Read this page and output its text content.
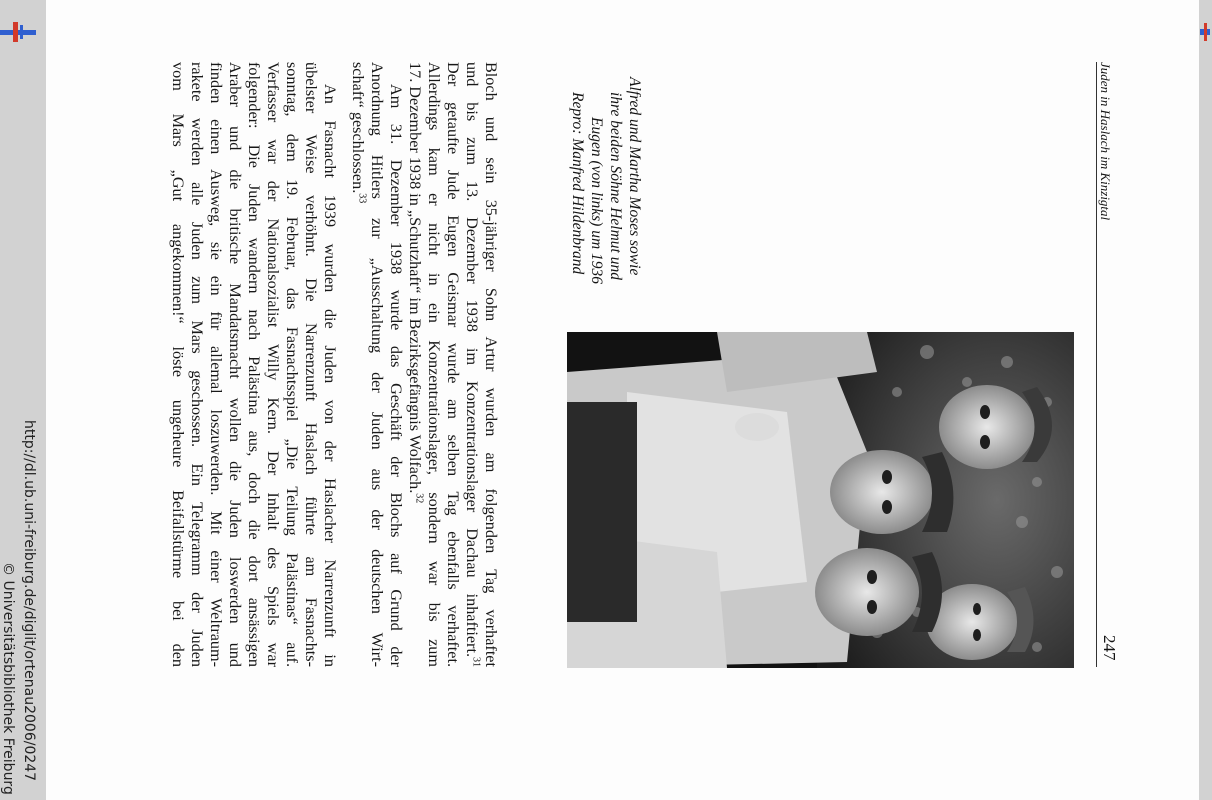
http://dl.ub.uni-freiburg.de/diglit/ortenau2006/0247
© Universitätsbibliothek Freiburg
Juden in Haslach im Kinzigtal
247
Alfred und Martha Moses sowie
ihre beiden Söhne Helmut und
Eugen (von links) um 1936
Repro: Manfred Hildenbrand
Bloch und sein 35-jähriger Sohn Artur wurden am folgenden Tag verhaftet
und bis zum 13. Dezember 1938 im Konzentrationslager Dachau inhaftiert.$^{31}$
Der getaufte Jude Eugen Geismar wurde am selben Tag ebenfalls verhaftet.
Allerdings kam er nicht in ein Konzentrationslager, sondern war bis zum
17. Dezember 1938 in „Schutzhaft“ im Bezirksgefängnis Wolfach.$^{32}$
Am 31. Dezember 1938 wurde das Geschäft der Blochs auf Grund der
Anordnung Hitlers zur „Ausschaltung der Juden aus der deutschen Wirt-
schaft“ geschlossen.$^{33}$
An Fasnacht 1939 wurden die Juden von der Haslacher Narrenzunft in
übelster Weise verhöhnt. Die Narrenzunft Haslach führte am Fasnachts-
sonntag, dem 19. Februar, das Fasnachtsspiel „Die Teilung Palästinas“ auf.
Verfasser war der Nationalsozialist Willy Kern. Der Inhalt des Spiels war
folgender: Die Juden wandern nach Palästina aus, doch die dort ansässigen
Araber und die britische Mandatsmacht wollen die Juden loswerden und
finden einen Ausweg, sie ein für allemal loszuwerden. Mit einer Weltraum-
rakete werden alle Juden zum Mars geschossen. Ein Telegramm der Juden
vom Mars „Gut angekommen!“ löste ungeheure Beifallstürme bei den
